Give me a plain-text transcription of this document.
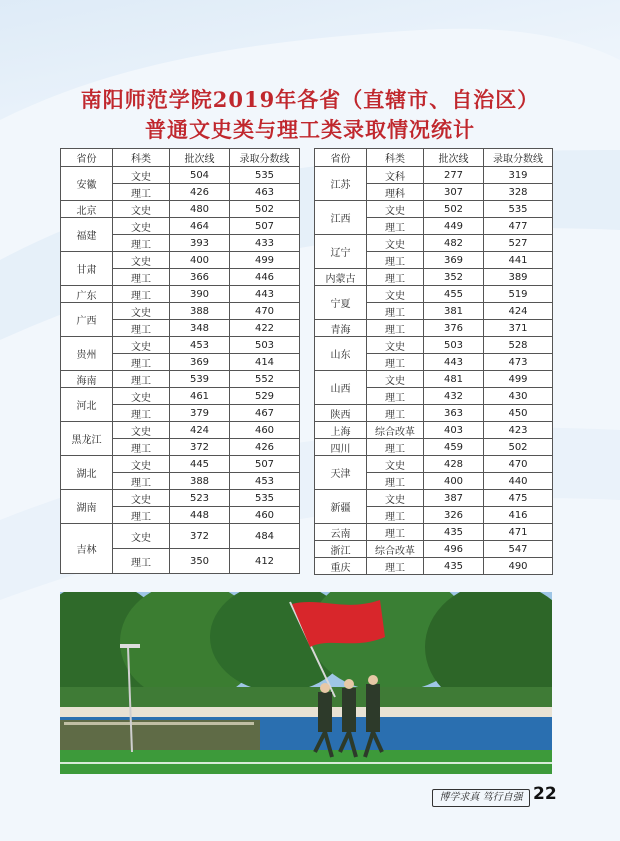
南阳师范学院2019年各省（直辖市、自治区）
普通文史类与理工类录取情况统计
省份	科类	批次线	录取分数线
安徽	文史	504	535
	理工	426	463
北京	文史	480	502
福建	文史	464	507
	理工	393	433
甘肃	文史	400	499
	理工	366	446
广东	理工	390	443
广西	文史	388	470
	理工	348	422
贵州	文史	453	503
	理工	369	414
海南	理工	539	552
河北	文史	461	529
	理工	379	467
黑龙江	文史	424	460
	理工	372	426
湖北	文史	445	507
	理工	388	453
湖南	文史	523	535
	理工	448	460
吉林	文史	372	484
	理工	350	412
省份	科类	批次线	录取分数线
江苏	文科	277	319
	理科	307	328
江西	文史	502	535
	理工	449	477
辽宁	文史	482	527
	理工	369	441
内蒙古	理工	352	389
宁夏	文史	455	519
	理工	381	424
青海	理工	376	371
山东	文史	503	528
	理工	443	473
山西	文史	481	499
	理工	432	430
陕西	理工	363	450
上海	综合改革	403	423
四川	理工	459	502
天津	文史	428	470
	理工	400	440
新疆	文史	387	475
	理工	326	416
云南	理工	435	471
浙江	综合改革	496	547
重庆	理工	435	490
博学求真 笃行自强 22
